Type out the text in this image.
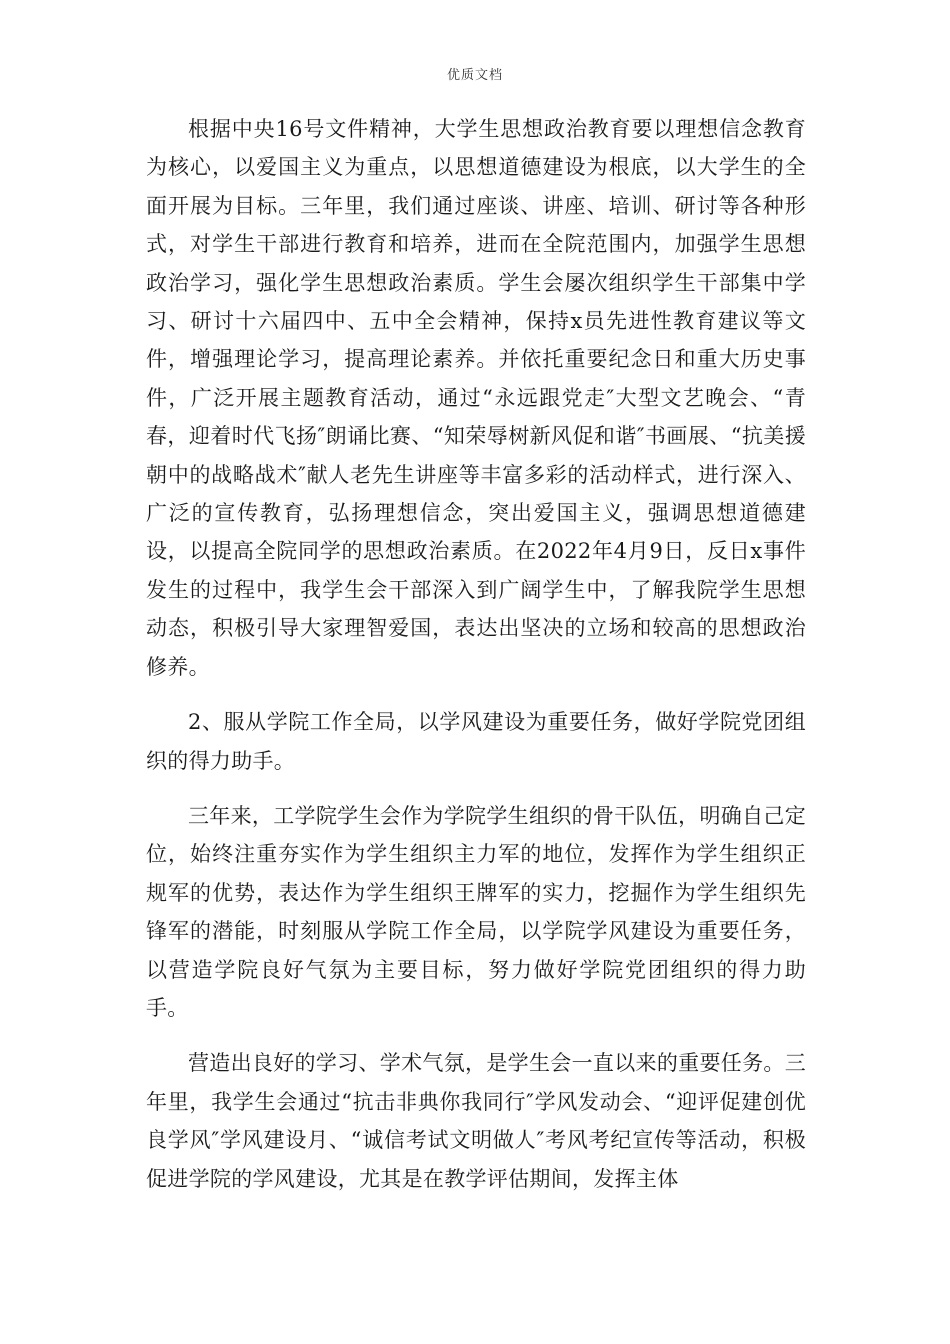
优质文档

根据中央16号文件精神，大学生思想政治教育要以理想信念教育为核心，以爱国主义为重点，以思想道德建设为根底，以大学生的全面开展为目标。三年里，我们通过座谈、讲座、培训、研讨等各种形式，对学生干部进行教育和培养，进而在全院范围内，加强学生思想政治学习，强化学生思想政治素质。学生会屡次组织学生干部集中学习、研讨十六届四中、五中全会精神，保持x员先进性教育建议等文件，增强理论学习，提高理论素养。并依托重要纪念日和重大历史事件，广泛开展主题教育活动，通过“永远跟党走″大型文艺晚会、“青春，迎着时代飞扬″朗诵比赛、“知荣辱树新风促和谐″书画展、“抗美援朝中的战略战术″献人老先生讲座等丰富多彩的活动样式，进行深入、广泛的宣传教育，弘扬理想信念，突出爱国主义，强调思想道德建设，以提高全院同学的思想政治素质。在2022年4月9日，反日x事件发生的过程中，我学生会干部深入到广阔学生中，了解我院学生思想动态，积极引导大家理智爱国，表达出坚决的立场和较高的思想政治修养。

2、服从学院工作全局，以学风建设为重要任务，做好学院党团组织的得力助手。

三年来，工学院学生会作为学院学生组织的骨干队伍，明确自己定位，始终注重夯实作为学生组织主力军的地位，发挥作为学生组织正规军的优势，表达作为学生组织王牌军的实力，挖掘作为学生组织先锋军的潜能，时刻服从学院工作全局，以学院学风建设为重要任务，以营造学院良好气氛为主要目标，努力做好学院党团组织的得力助手。

营造出良好的学习、学术气氛，是学生会一直以来的重要任务。三年里，我学生会通过“抗击非典你我同行″学风发动会、“迎评促建创优良学风″学风建设月、“诚信考试文明做人″考风考纪宣传等活动，积极促进学院的学风建设，尤其是在教学评估期间，发挥主体
